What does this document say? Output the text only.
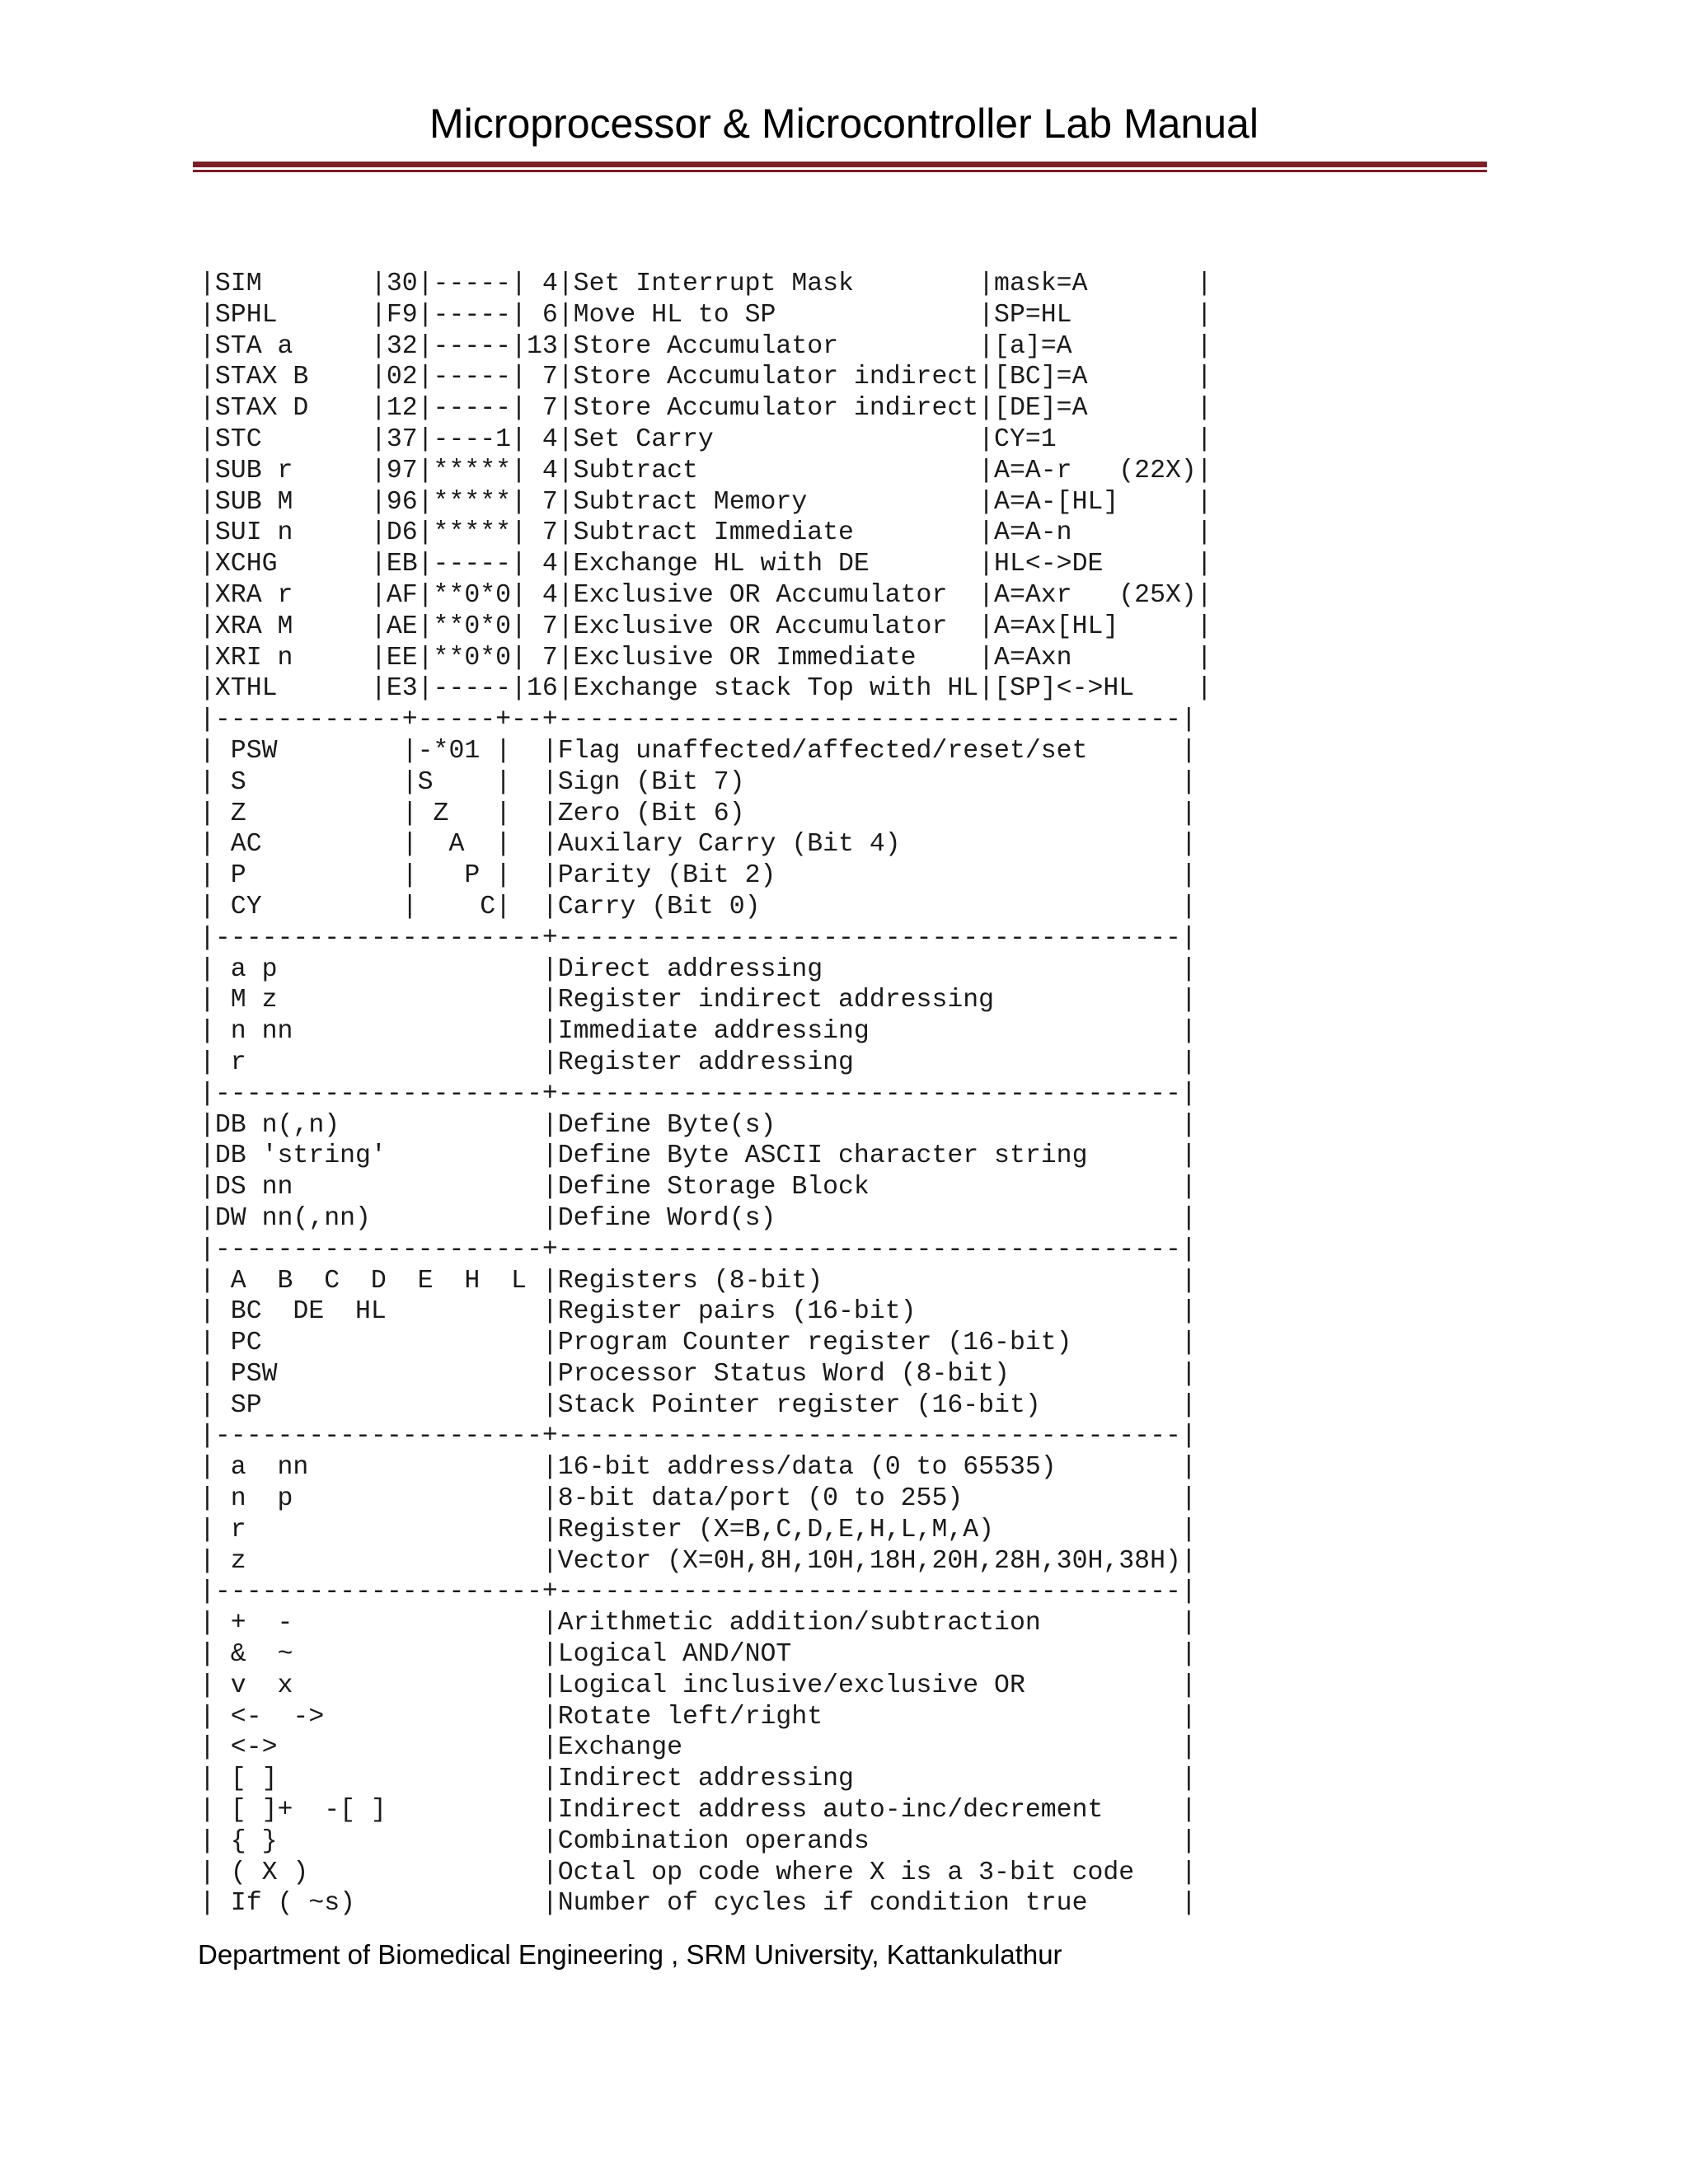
Microprocessor & Microcontroller Lab Manual
|SIM       |30|-----| 4|Set Interrupt Mask        |mask=A       |
|SPHL      |F9|-----| 6|Move HL to SP             |SP=HL        |
|STA a     |32|-----|13|Store Accumulator         |[a]=A        |
|STAX B    |02|-----| 7|Store Accumulator indirect|[BC]=A       |
|STAX D    |12|-----| 7|Store Accumulator indirect|[DE]=A       |
|STC       |37|----1| 4|Set Carry                 |CY=1         |
|SUB r     |97|*****| 4|Subtract                  |A=A-r   (22X)|
|SUB M     |96|*****| 7|Subtract Memory           |A=A-[HL]     |
|SUI n     |D6|*****| 7|Subtract Immediate        |A=A-n        |
|XCHG      |EB|-----| 4|Exchange HL with DE       |HL<->DE      |
|XRA r     |AF|**0*0| 4|Exclusive OR Accumulator  |A=Axr   (25X)|
|XRA M     |AE|**0*0| 7|Exclusive OR Accumulator  |A=Ax[HL]     |
|XRI n     |EE|**0*0| 7|Exclusive OR Immediate    |A=Axn        |
|XTHL      |E3|-----|16|Exchange stack Top with HL|[SP]<->HL    |
|------------+-----+--+----------------------------------------|
| PSW        |-*01 |  |Flag unaffected/affected/reset/set      |
| S          |S    |  |Sign (Bit 7)                            |
| Z          | Z   |  |Zero (Bit 6)                            |
| AC         |  A  |  |Auxilary Carry (Bit 4)                  |
| P          |   P |  |Parity (Bit 2)                          |
| CY         |    C|  |Carry (Bit 0)                           |
|---------------------+----------------------------------------|
| a p                 |Direct addressing                       |
| M z                 |Register indirect addressing            |
| n nn                |Immediate addressing                    |
| r                   |Register addressing                     |
|---------------------+----------------------------------------|
|DB n(,n)             |Define Byte(s)                          |
|DB 'string'          |Define Byte ASCII character string      |
|DS nn                |Define Storage Block                    |
|DW nn(,nn)           |Define Word(s)                          |
|---------------------+----------------------------------------|
| A  B  C  D  E  H  L |Registers (8-bit)                       |
| BC  DE  HL          |Register pairs (16-bit)                 |
| PC                  |Program Counter register (16-bit)       |
| PSW                 |Processor Status Word (8-bit)           |
| SP                  |Stack Pointer register (16-bit)         |
|---------------------+----------------------------------------|
| a  nn               |16-bit address/data (0 to 65535)        |
| n  p                |8-bit data/port (0 to 255)              |
| r                   |Register (X=B,C,D,E,H,L,M,A)            |
| z                   |Vector (X=0H,8H,10H,18H,20H,28H,30H,38H)|
|---------------------+----------------------------------------|
| +  -                |Arithmetic addition/subtraction         |
| &  ~                |Logical AND/NOT                         |
| v  x                |Logical inclusive/exclusive OR          |
| <-  ->              |Rotate left/right                       |
| <->                 |Exchange                                |
| [ ]                 |Indirect addressing                     |
| [ ]+  -[ ]          |Indirect address auto-inc/decrement     |
| { }                 |Combination operands                    |
| ( X )               |Octal op code where X is a 3-bit code   |
| If ( ~s)            |Number of cycles if condition true      |
Department of Biomedical Engineering , SRM University, Kattankulathur
